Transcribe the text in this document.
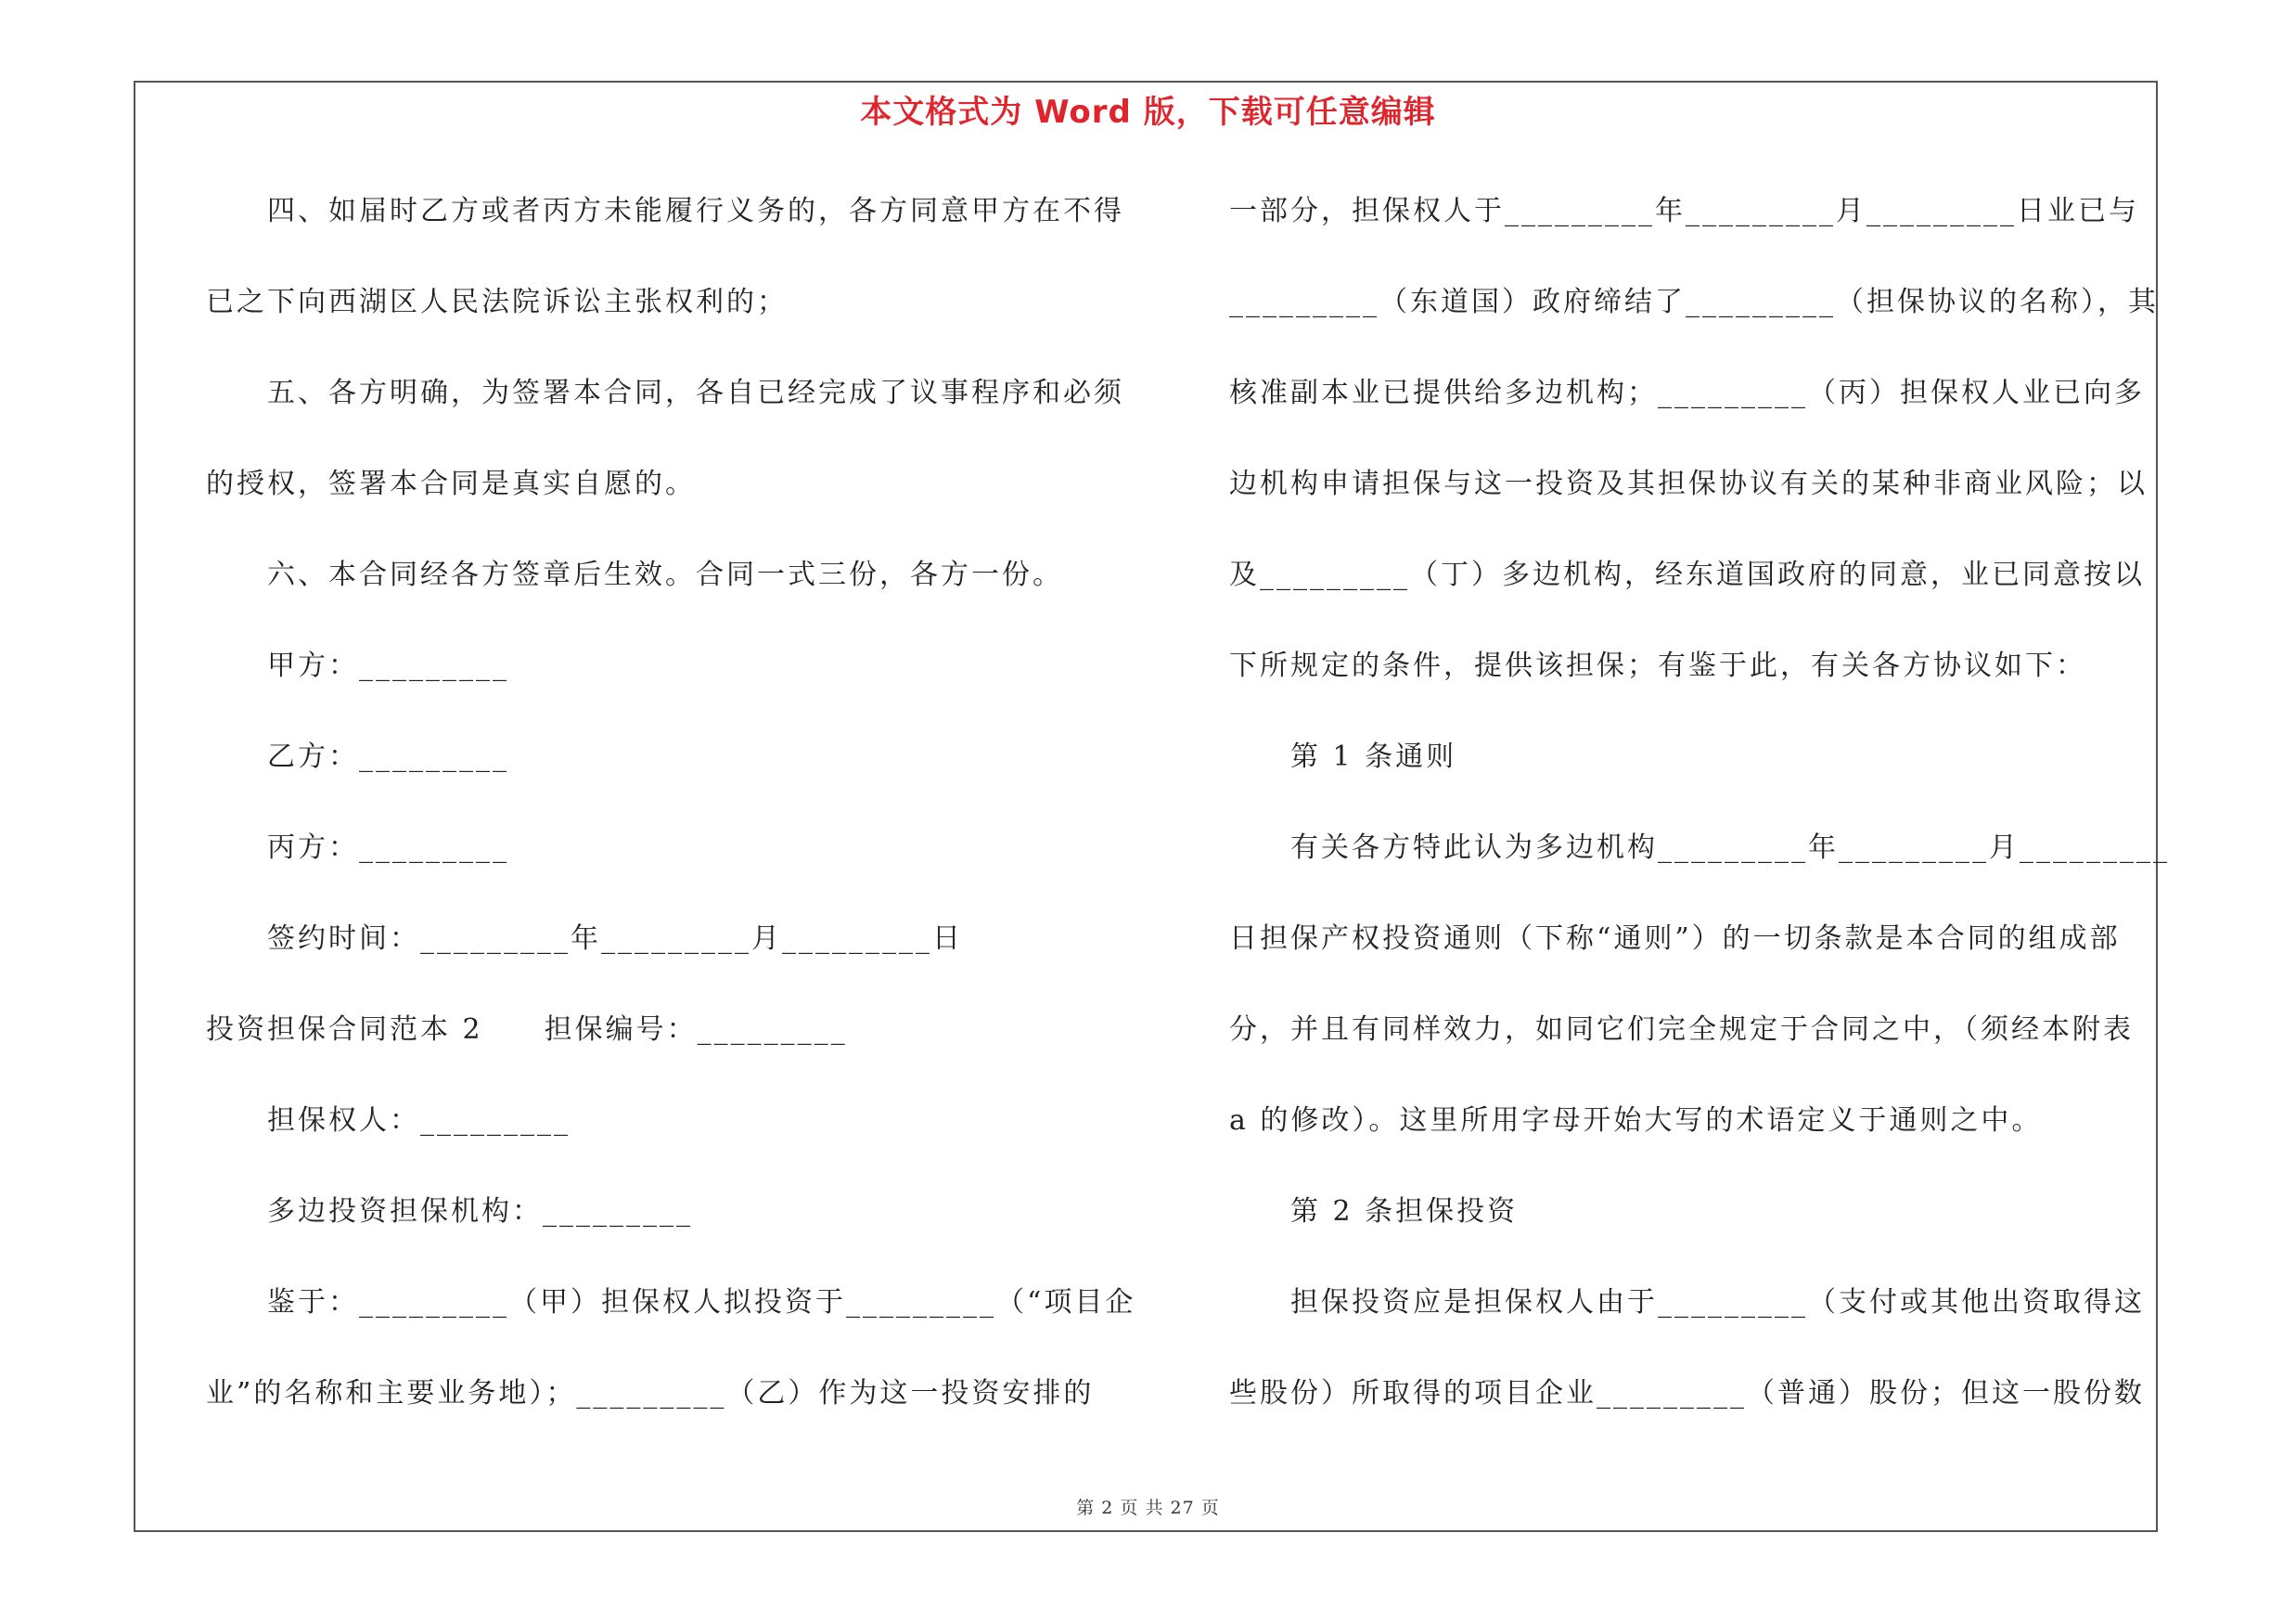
本文格式为 Word 版，下载可任意编辑
四、如届时乙方或者丙方未能履行义务的，各方同意甲方在不得
已之下向西湖区人民法院诉讼主张权利的；
五、各方明确，为签署本合同，各自已经完成了议事程序和必须
的授权，签署本合同是真实自愿的。
六、本合同经各方签章后生效。合同一式三份，各方一份。
甲方：_________
乙方：_________
丙方：_________
签约时间：_________年_________月_________日
投资担保合同范本 2　　担保编号：_________
担保权人：_________
多边投资担保机构：_________
鉴于：_________（甲）担保权人拟投资于_________（“项目企
业”的名称和主要业务地）；_________（乙）作为这一投资安排的
一部分，担保权人于_________年_________月_________日业已与
_________（东道国）政府缔结了_________（担保协议的名称），其
核准副本业已提供给多边机构；_________（丙）担保权人业已向多
边机构申请担保与这一投资及其担保协议有关的某种非商业风险；以
及_________（丁）多边机构，经东道国政府的同意，业已同意按以
下所规定的条件，提供该担保；有鉴于此，有关各方协议如下：
第 1 条通则
有关各方特此认为多边机构_________年_________月_________
日担保产权投资通则（下称“通则”）的一切条款是本合同的组成部
分，并且有同样效力，如同它们完全规定于合同之中，（须经本附表
a 的修改）。这里所用字母开始大写的术语定义于通则之中。
第 2 条担保投资
担保投资应是担保权人由于_________（支付或其他出资取得这
些股份）所取得的项目企业_________（普通）股份；但这一股份数
第 2 页 共 27 页
